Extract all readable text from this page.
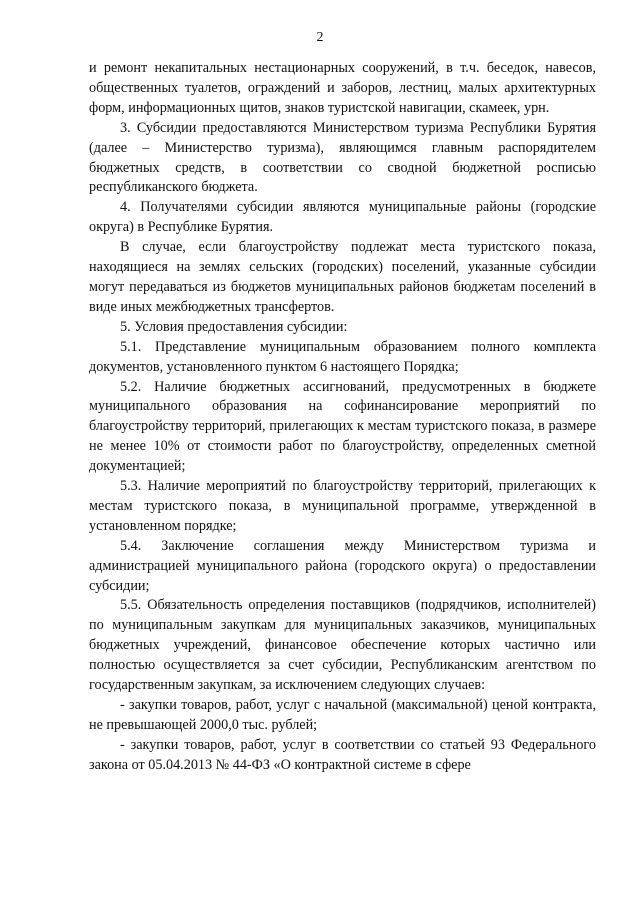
2

и ремонт некапитальных нестационарных сооружений, в т.ч. беседок, навесов, общественных туалетов, ограждений и заборов, лестниц, малых архитектурных форм, информационных щитов, знаков туристской навигации, скамеек, урн.

3. Субсидии предоставляются Министерством туризма Республики Бурятия (далее – Министерство туризма), являющимся главным распорядителем бюджетных средств, в соответствии со сводной бюджетной росписью республиканского бюджета.

4. Получателями субсидии являются муниципальные районы (городские округа) в Республике Бурятия.

В случае, если благоустройству подлежат места туристского показа, находящиеся на землях сельских (городских) поселений, указанные субсидии могут передаваться из бюджетов муниципальных районов бюджетам поселений в виде иных межбюджетных трансфертов.

5. Условия предоставления субсидии:

5.1. Представление муниципальным образованием полного комплекта документов, установленного пунктом 6 настоящего Порядка;

5.2. Наличие бюджетных ассигнований, предусмотренных в бюджете муниципального образования на софинансирование мероприятий по благоустройству территорий, прилегающих к местам туристского показа, в размере не менее 10% от стоимости работ по благоустройству, определенных сметной документацией;

5.3. Наличие мероприятий по благоустройству территорий, прилегающих к местам туристского показа, в муниципальной программе, утвержденной в установленном порядке;

5.4. Заключение соглашения между Министерством туризма и администрацией муниципального района (городского округа) о предоставлении субсидии;

5.5. Обязательность определения поставщиков (подрядчиков, исполнителей) по муниципальным закупкам для муниципальных заказчиков, муниципальных бюджетных учреждений, финансовое обеспечение которых частично или полностью осуществляется за счет субсидии, Республиканским агентством по государственным закупкам, за исключением следующих случаев:

- закупки товаров, работ, услуг с начальной (максимальной) ценой контракта, не превышающей 2000,0 тыс. рублей;

- закупки товаров, работ, услуг в соответствии со статьей 93 Федерального закона от 05.04.2013 № 44-ФЗ «О контрактной системе в сфере
